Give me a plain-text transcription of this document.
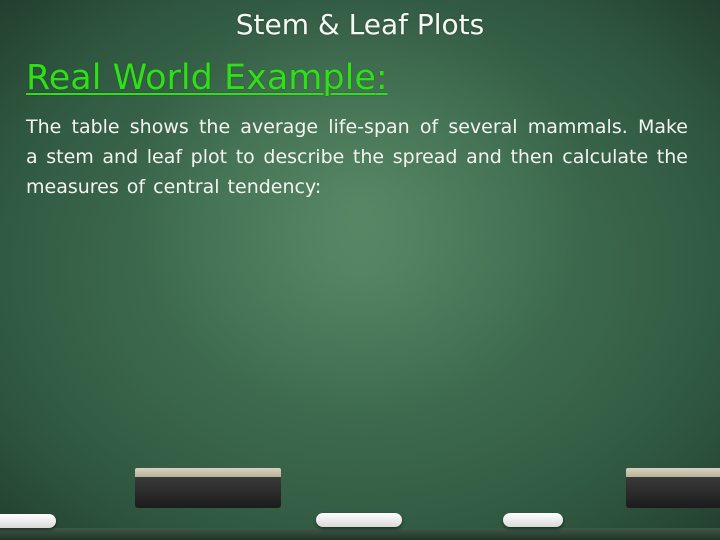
Stem & Leaf Plots
Real World Example:
The table shows the average life-span of several mammals. Make a stem and leaf plot to describe the spread and then calculate the measures of central tendency:
